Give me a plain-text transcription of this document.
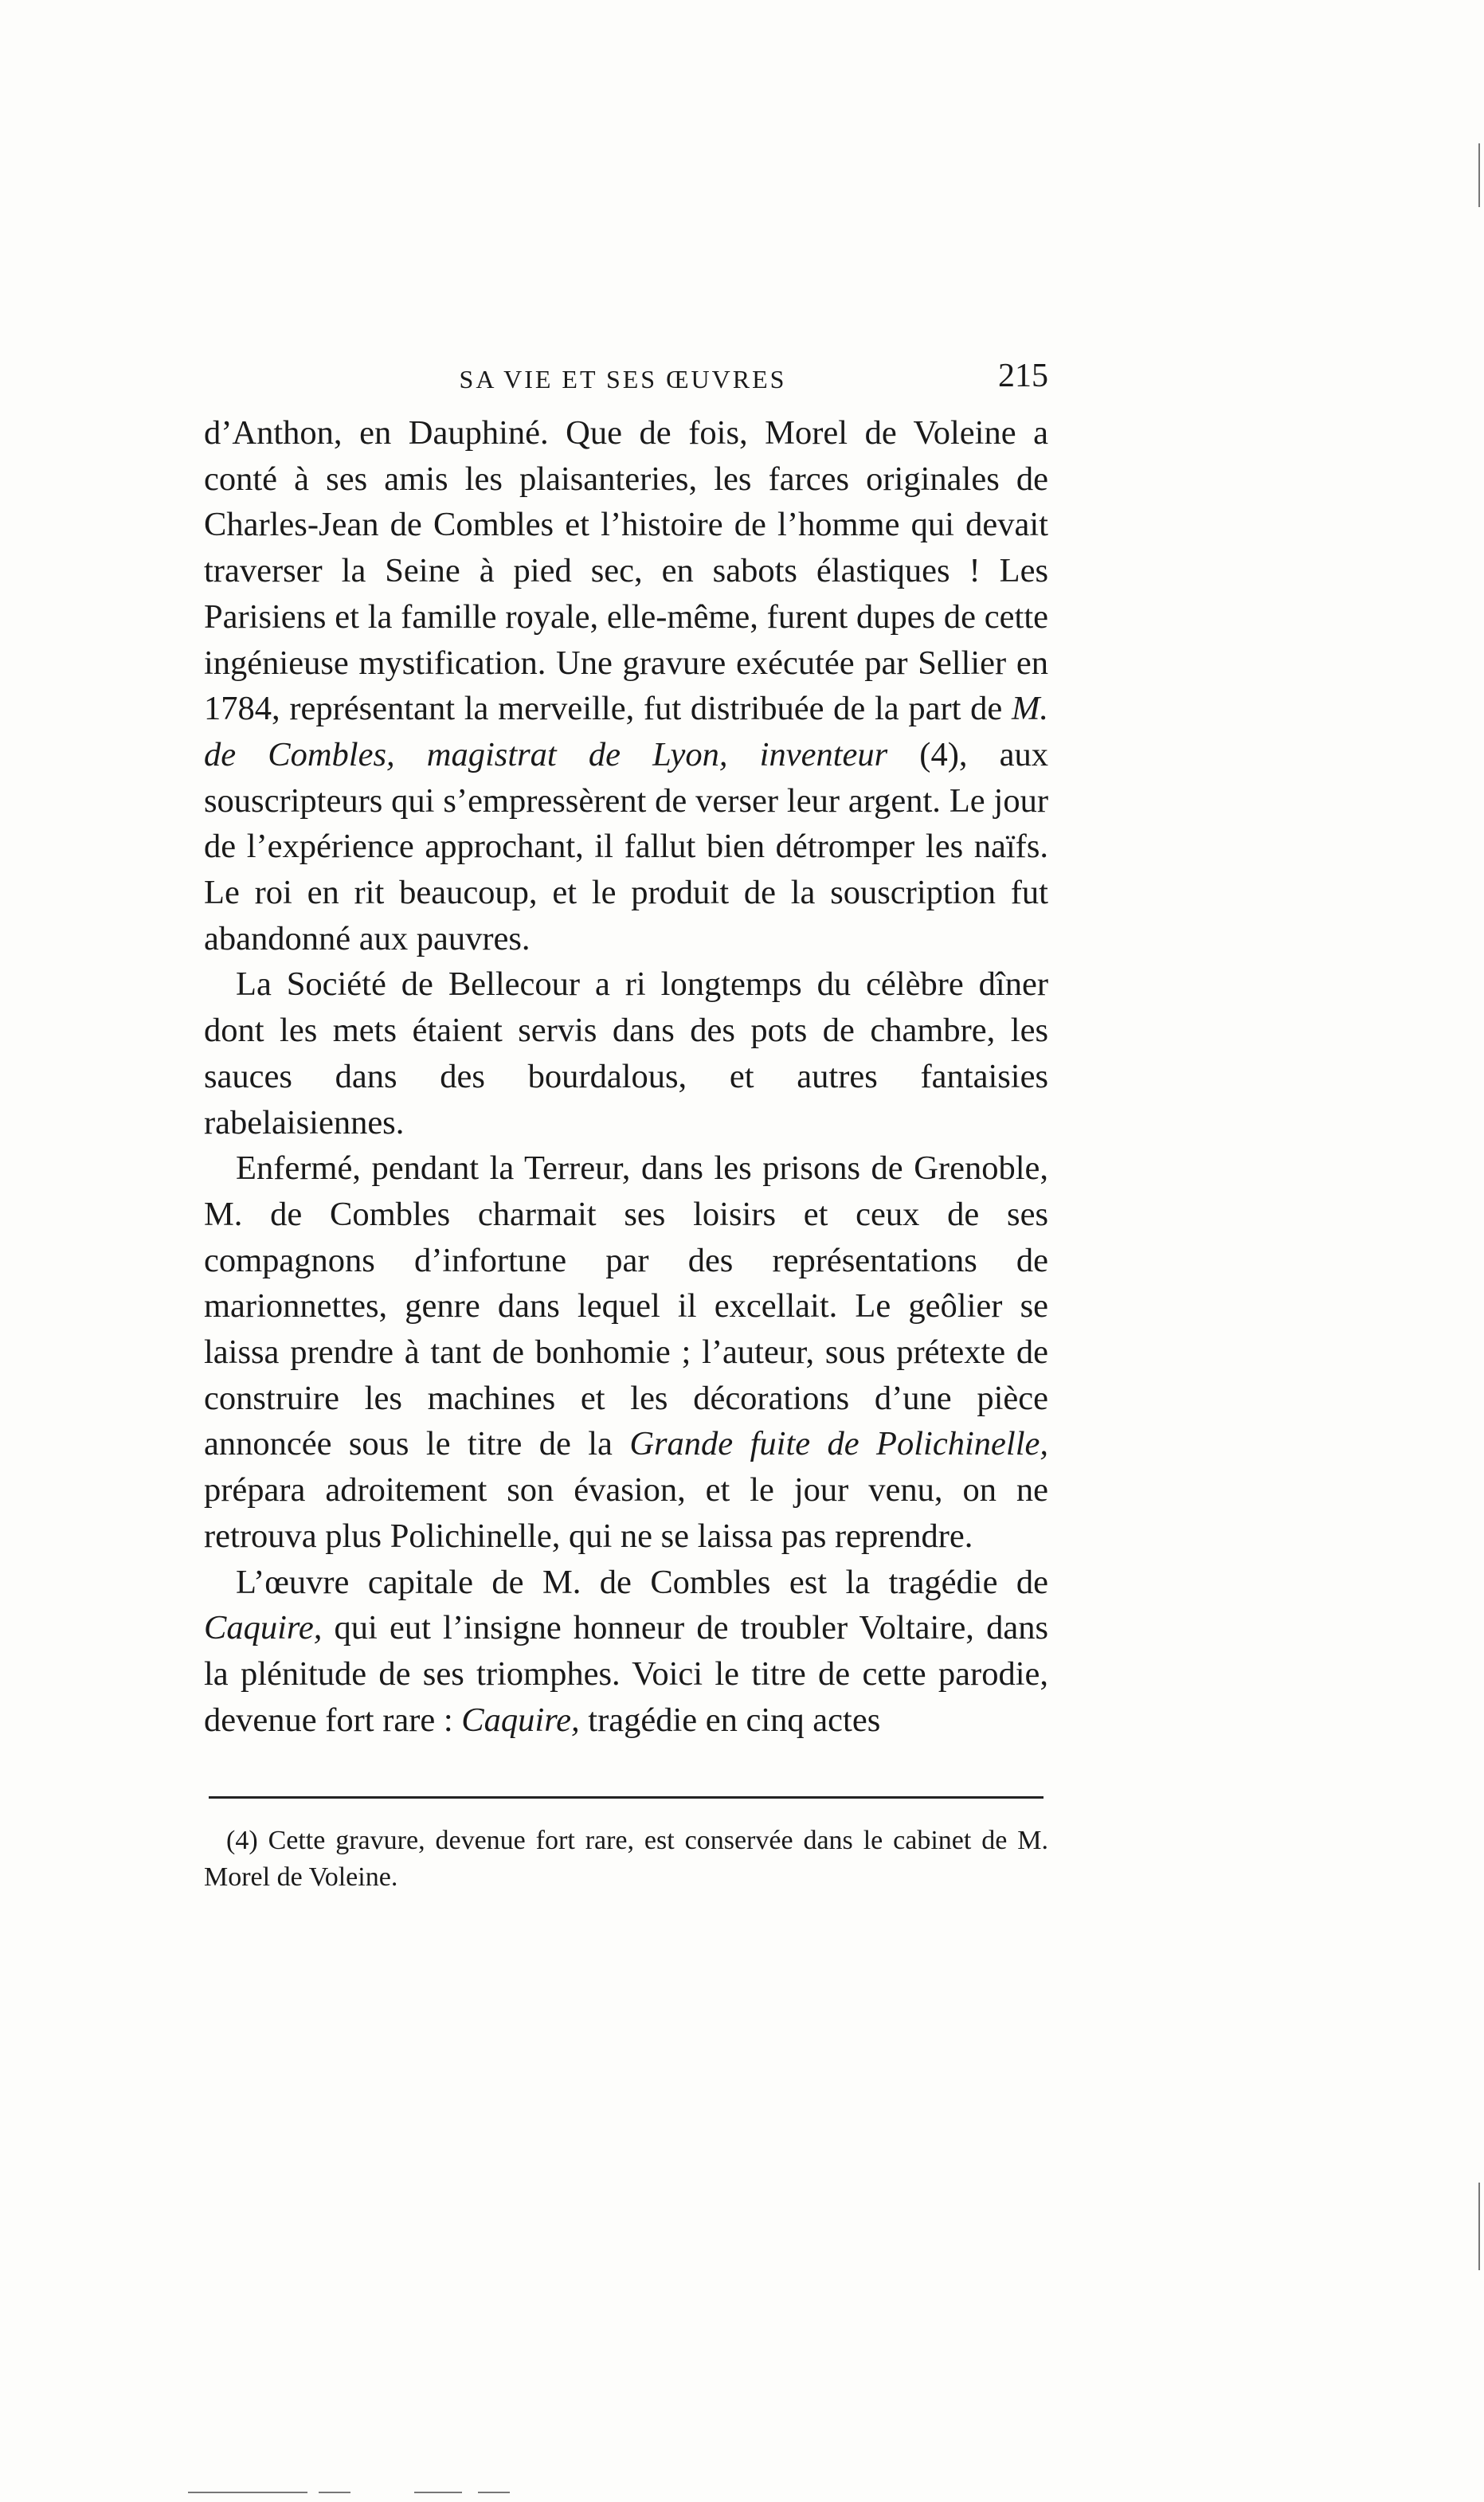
SA VIE ET SES ŒUVRES	215

d’Anthon, en Dauphiné. Que de fois, Morel de Voleine a conté à ses amis les plaisanteries, les farces originales de Charles-Jean de Combles et l’histoire de l’homme qui devait traverser la Seine à pied sec, en sabots élastiques ! Les Parisiens et la famille royale, elle-même, furent dupes de cette ingénieuse mystification. Une gravure exécutée par Sellier en 1784, représentant la merveille, fut distribuée de la part de M. de Combles, magistrat de Lyon, inventeur (4), aux souscripteurs qui s’empressèrent de verser leur argent. Le jour de l’expérience approchant, il fallut bien détromper les naïfs. Le roi en rit beaucoup, et le produit de la souscription fut abandonné aux pauvres.

La Société de Bellecour a ri longtemps du célèbre dîner dont les mets étaient servis dans des pots de chambre, les sauces dans des bourdalous, et autres fantaisies rabelaisiennes.

Enfermé, pendant la Terreur, dans les prisons de Grenoble, M. de Combles charmait ses loisirs et ceux de ses compagnons d’infortune par des représentations de marionnettes, genre dans lequel il excellait. Le geôlier se laissa prendre à tant de bonhomie ; l’auteur, sous prétexte de construire les machines et les décorations d’une pièce annoncée sous le titre de la Grande fuite de Polichinelle, prépara adroitement son évasion, et le jour venu, on ne retrouva plus Polichinelle, qui ne se laissa pas reprendre.

L’œuvre capitale de M. de Combles est la tragédie de Caquire, qui eut l’insigne honneur de troubler Voltaire, dans la plénitude de ses triomphes. Voici le titre de cette parodie, devenue fort rare : Caquire, tragédie en cinq actes

(4) Cette gravure, devenue fort rare, est conservée dans le cabinet de M. Morel de Voleine.
